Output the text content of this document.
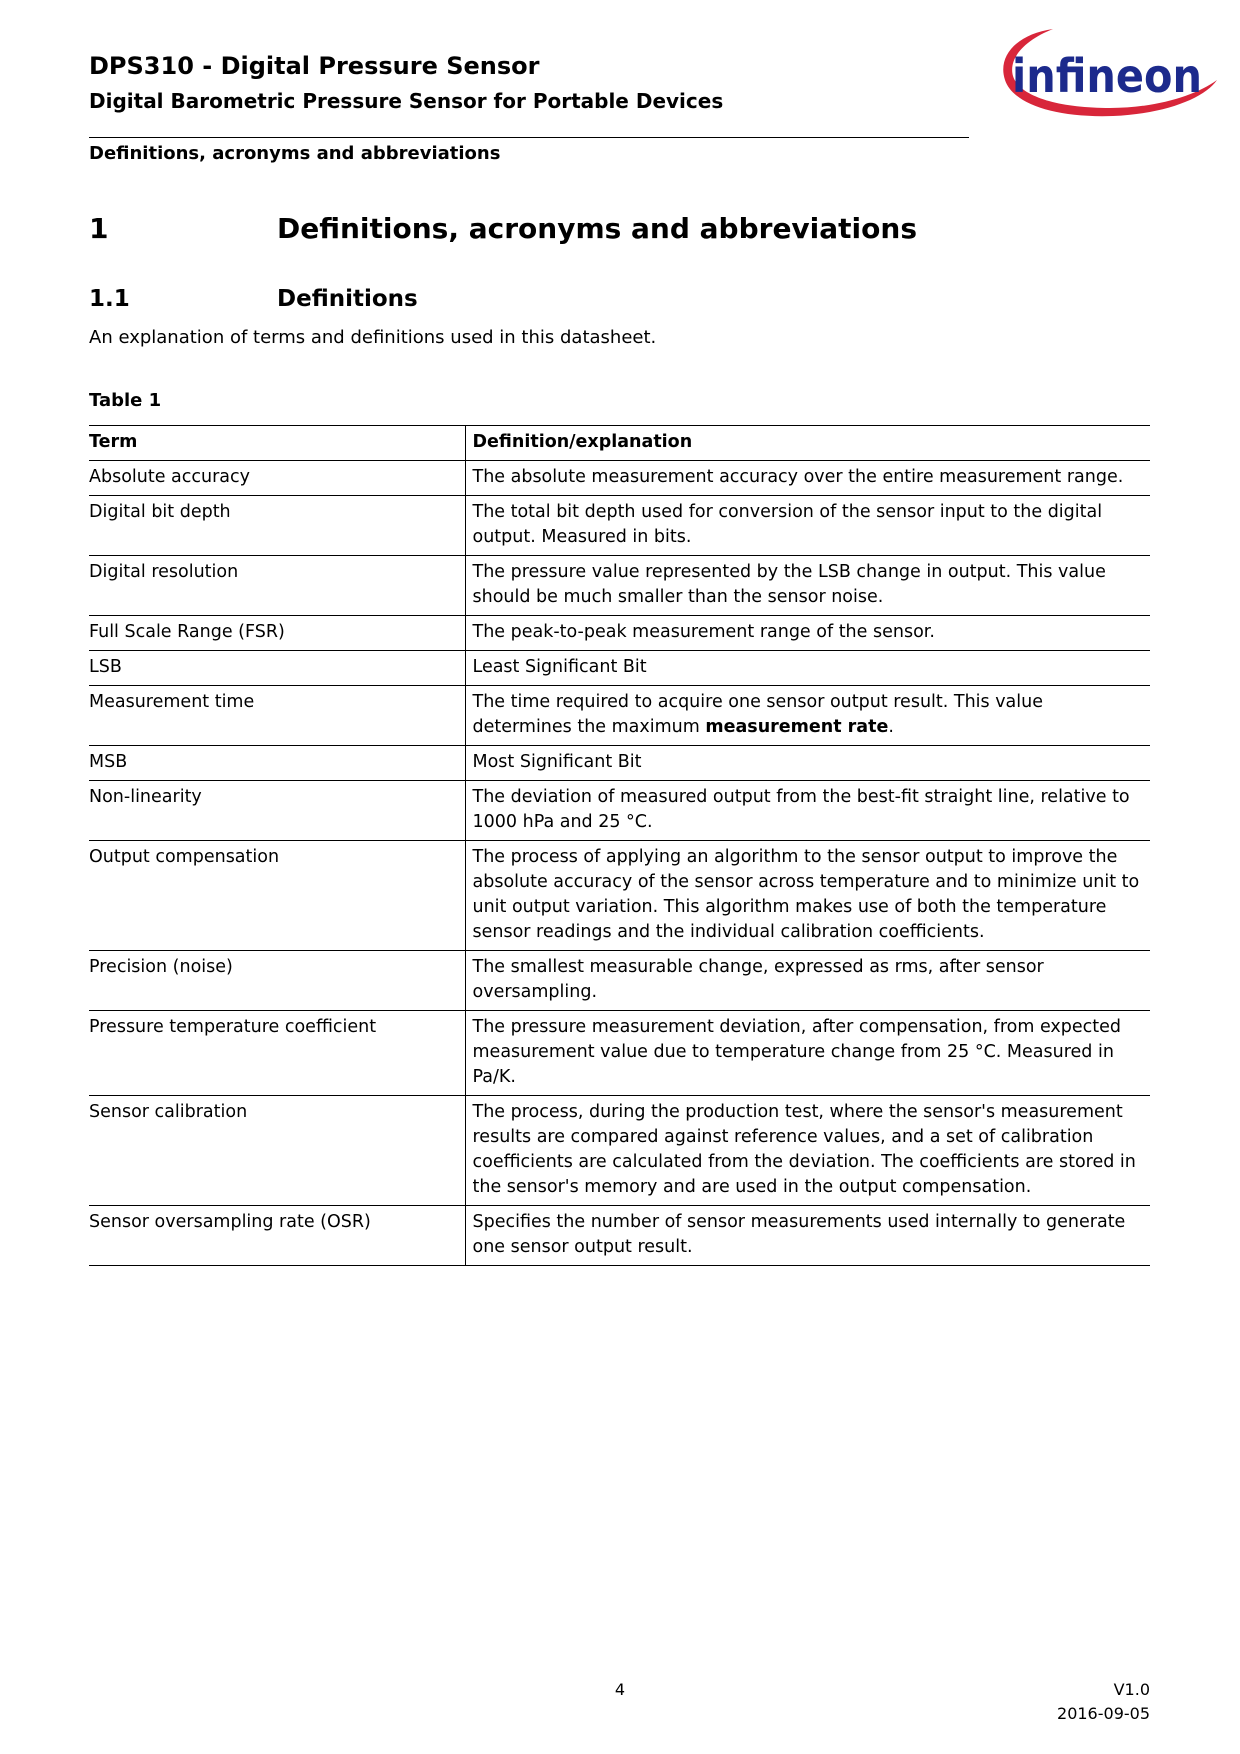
DPS310 - Digital Pressure Sensor
Digital Barometric Pressure Sensor for Portable Devices	infineon
Definitions, acronyms and abbreviations
1	Definitions, acronyms and abbreviations
1.1	Definitions
An explanation of terms and definitions used in this datasheet.
Table 1
Term	Definition/explanation
Absolute accuracy	The absolute measurement accuracy over the entire measurement range.
Digital bit depth	The total bit depth used for conversion of the sensor input to the digital output. Measured in bits.
Digital resolution	The pressure value represented by the LSB change in output. This value should be much smaller than the sensor noise.
Full Scale Range (FSR)	The peak-to-peak measurement range of the sensor.
LSB	Least Significant Bit
Measurement time	The time required to acquire one sensor output result. This value determines the maximum measurement rate.
MSB	Most Significant Bit
Non-linearity	The deviation of measured output from the best-fit straight line, relative to 1000 hPa and 25 °C.
Output compensation	The process of applying an algorithm to the sensor output to improve the absolute accuracy of the sensor across temperature and to minimize unit to unit output variation. This algorithm makes use of both the temperature sensor readings and the individual calibration coefficients.
Precision (noise)	The smallest measurable change, expressed as rms, after sensor oversampling.
Pressure temperature coefficient	The pressure measurement deviation, after compensation, from expected measurement value due to temperature change from 25 °C. Measured in Pa/K.
Sensor calibration	The process, during the production test, where the sensor's measurement results are compared against reference values, and a set of calibration coefficients are calculated from the deviation. The coefficients are stored in the sensor's memory and are used in the output compensation.
Sensor oversampling rate (OSR)	Specifies the number of sensor measurements used internally to generate one sensor output result.
4	V1.0
2016-09-05
